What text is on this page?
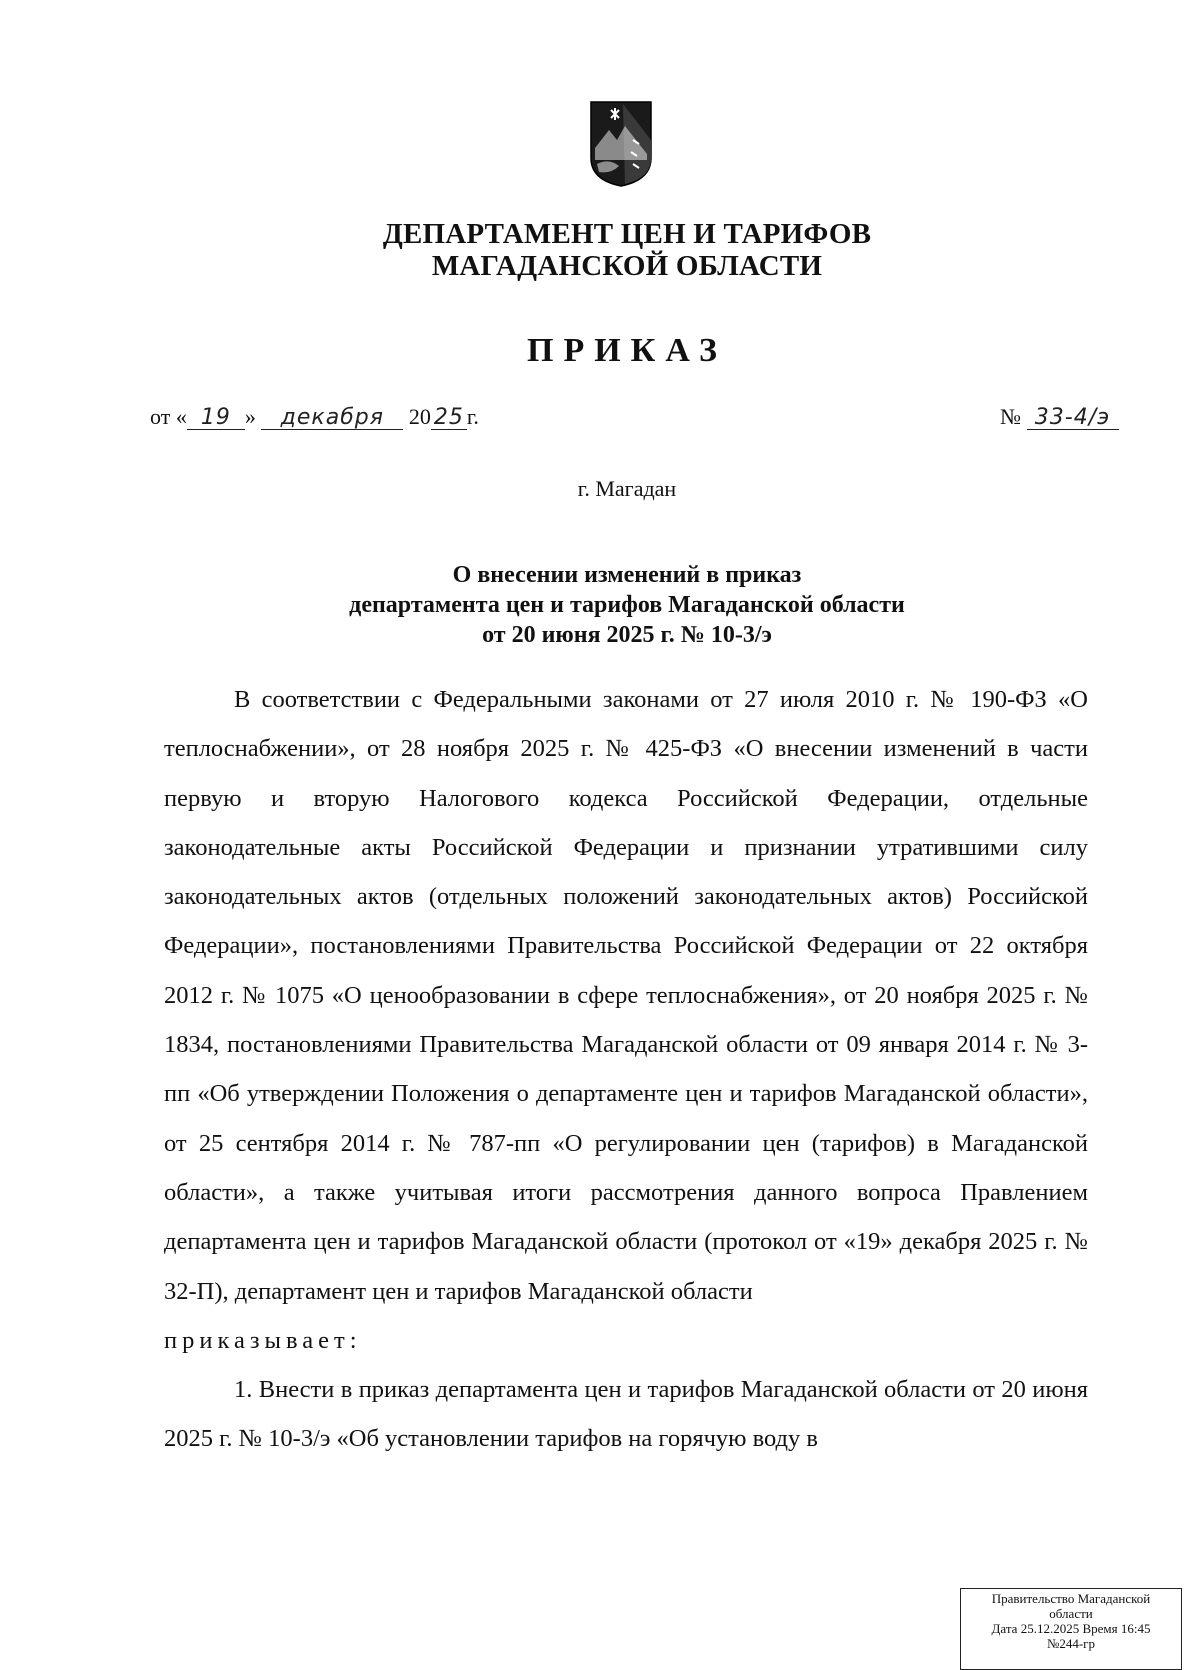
ДЕПАРТАМЕНТ ЦЕН И ТАРИФОВ
МАГАДАНСКОЙ ОБЛАСТИ
ПРИКАЗ
от « 19 » декабря 20 25 г.	№ 33-4/э
г. Магадан
О внесении изменений в приказ
департамента цен и тарифов Магаданской области
от 20 июня 2025 г. № 10-3/э
В соответствии с Федеральными законами от 27 июля 2010 г. № 190-ФЗ «О теплоснабжении», от 28 ноября 2025 г. № 425-ФЗ «О внесении изменений в части первую и вторую Налогового кодекса Российской Федерации, отдельные законодательные акты Российской Федерации и признании утратившими силу законодательных актов (отдельных положений законодательных актов) Российской Федерации», постановлениями Правительства Российской Федерации от 22 октября 2012 г. № 1075 «О ценообразовании в сфере теплоснабжения», от 20 ноября 2025 г. № 1834, постановлениями Правительства Магаданской области от 09 января 2014 г. № 3-пп «Об утверждении Положения о департаменте цен и тарифов Магаданской области», от 25 сентября 2014 г. № 787-пп «О регулировании цен (тарифов) в Магаданской области», а также учитывая итоги рассмотрения данного вопроса Правлением департамента цен и тарифов Магаданской области (протокол от «19» декабря 2025 г. № 32-П), департамент цен и тарифов Магаданской области
приказывает:
1. Внести в приказ департамента цен и тарифов Магаданской области от 20 июня 2025 г. № 10-3/э «Об установлении тарифов на горячую воду в
Правительство Магаданской
области
Дата 25.12.2025 Время 16:45
№244-гр
